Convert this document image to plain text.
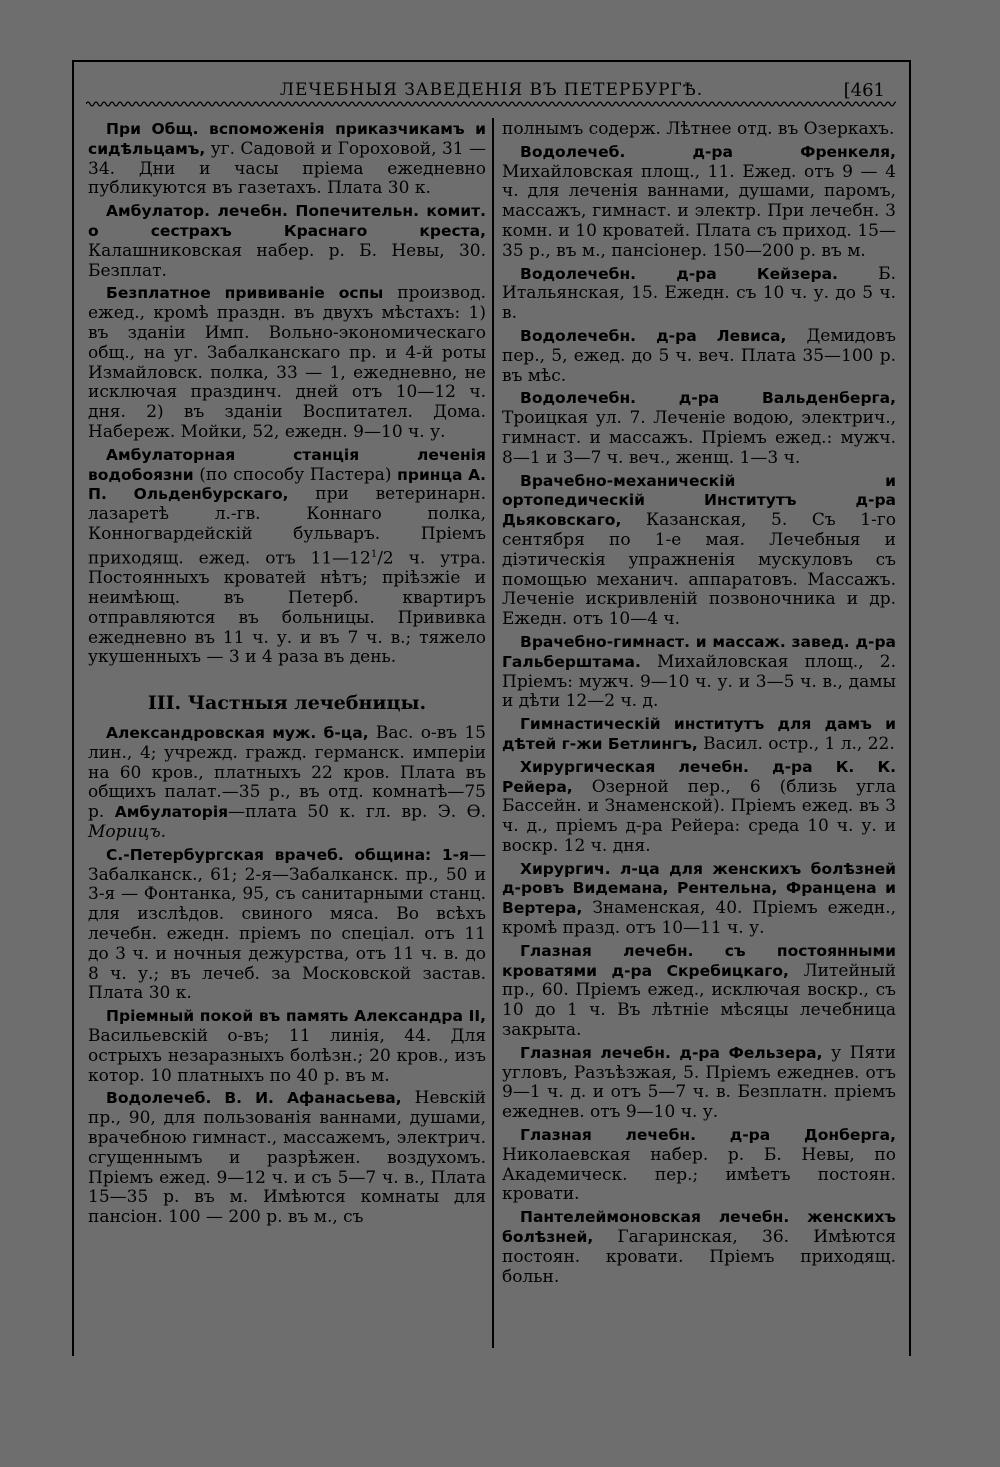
ЛЕЧЕБНЫЯ ЗАВЕДЕНІЯ ВЪ ПЕТЕРБУРГѢ.	[461

При Общ. вспоможенія приказчикамъ и сидѣльцамъ, уг. Садовой и Гороховой, 31 — 34. Дни и часы пріема ежедневно публикуются въ газетахъ. Плата 30 к.

Амбулатор. лечебн. Попечительн. комит. о сестрахъ Краснаго креста, Калашниковская набер. р. Б. Невы, 30. Безплат.

Безплатное прививаніе оспы производ. ежед., кромѣ праздн. въ двухъ мѣстахъ: 1) въ зданіи Имп. Вольно-экономическаго общ., на уг. Забалканскаго пр. и 4-й роты Измайловск. полка, 33 — 1, ежедневно, не исключая праздинч. дней отъ 10—12 ч. дня. 2) въ зданіи Воспитател. Дома. Набереж. Мойки, 52, ежедн. 9—10 ч. у.

Амбулаторная станція леченія водобоязни (по способу Пастера) принца А. П. Ольденбурскаго, при ветеринарн. лазаретѣ л.-гв. Коннаго полка, Конногвардейскій бульваръ. Пріемъ приходящ. ежед. отъ $11—12^1/2$ ч. утра. Постоянныхъ кроватей нѣтъ; пріѣзжіе и неимѣющ. въ Петерб. квартиръ отправляются въ больницы. Прививка ежедневно въ 11 ч. у. и въ 7 ч. в.; тяжело укушенныхъ — 3 и 4 раза въ день.

III. Частныя лечебницы.

Александровская муж. б-ца, Вас. о-въ 15 лин., 4; учрежд. гражд. германск. имперіи на 60 кров., платныхъ 22 кров. Плата въ общихъ палат.—35 р., въ отд. комнатѣ—75 р. Амбулаторія—плата 50 к. гл. вр. Э. Ѳ. Морицъ.

С.-Петербургская врачеб. община: 1-я—Забалканск., 61; 2-я—Забалканск. пр., 50 и 3-я — Фонтанка, 95, съ санитарными станц. для изслѣдов. свиного мяса. Во всѣхъ лечебн. ежедн. пріемъ по спеціал. отъ 11 до 3 ч. и ночныя дежурства, отъ 11 ч. в. до 8 ч. у.; въ лечеб. за Московской застав. Плата 30 к.

Пріемный покой въ память Александра II, Васильевскій о-въ; 11 линія, 44. Для острыхъ незаразныхъ болѣзн.; 20 кров., изъ котор. 10 платныхъ по 40 р. въ м.

Водолечеб. В. И. Афанасьева, Невскій пр., 90, для пользованія ваннами, душами, врачебною гимнаст., массажемъ, электрич. сгущеннымъ и разрѣжен. воздухомъ. Пріемъ ежед. 9—12 ч. и съ 5—7 ч. в., Плата 15—35 р. въ м. Имѣются комнаты для пансіон. 100 — 200 р. въ м., съ

полнымъ содерж. Лѣтнее отд. въ Озеркахъ.

Водолечеб. д-ра Френкеля, Михайловская площ., 11. Ежед. отъ 9 — 4 ч. для леченія ваннами, душами, паромъ, массажъ, гимнаст. и электр. При лечебн. 3 комн. и 10 кроватей. Плата съ приход. 15—35 р., въ м., пансіонер. 150—200 р. въ м.

Водолечебн. д-ра Кейзера. Б. Итальянская, 15. Ежедн. съ 10 ч. у. до 5 ч. в.

Водолечебн. д-ра Левиса, Демидовъ пер., 5, ежед. до 5 ч. веч. Плата 35—100 р. въ мѣс.

Водолечебн. д-ра Вальденберга, Троицкая ул. 7. Леченіе водою, электрич., гимнаст. и массажъ. Пріемъ ежед.: мужч. 8—1 и 3—7 ч. веч., женщ. 1—3 ч.

Врачебно-механическій и ортопедическій Институтъ д-ра Дьяковскаго, Казанская, 5. Съ 1-го сентября по 1-е мая. Лечебныя и діэтическія упражненія мускуловъ съ помощью механич. аппаратовъ. Массажъ. Леченіе искривленій позвоночника и др. Ежедн. отъ 10—4 ч.

Врачебно-гимнаст. и массаж. завед. д-ра Гальберштама. Михайловская площ., 2. Пріемъ: мужч. 9—10 ч. у. и 3—5 ч. в., дамы и дѣти 12—2 ч. д.

Гимнастическій институтъ для дамъ и дѣтей г-жи Бетлингъ, Васил. остр., 1 л., 22.

Хирургическая лечебн. д-ра К. К. Рейера, Озерной пер., 6 (близь угла Бассейн. и Знаменской). Пріемъ ежед. въ 3 ч. д., пріемъ д-ра Рейера: среда 10 ч. у. и воскр. 12 ч. дня.

Хирургич. л-ца для женскихъ болѣзней д-ровъ Видемана, Рентельна, Францена и Вертера, Знаменская, 40. Пріемъ ежедн., кромѣ празд. отъ 10—11 ч. у.

Глазная лечебн. съ постоянными кроватями д-ра Скребицкаго, Литейный пр., 60. Пріемъ ежед., исключая воскр., съ 10 до 1 ч. Въ лѣтніе мѣсяцы лечебница закрыта.

Глазная лечебн. д-ра Фельзера, у Пяти угловъ, Разъѣзжая, 5. Пріемъ ежеднев. отъ 9—1 ч. д. и отъ 5—7 ч. в. Безплатн. пріемъ ежеднев. отъ 9—10 ч. у.

Глазная лечебн. д-ра Донберга, Николаевская набер. р. Б. Невы, по Академическ. пер.; имѣетъ постоян. кровати.

Пантелеймоновская лечебн. женскихъ болѣзней, Гагаринская, 36. Имѣются постоян. кровати. Пріемъ приходящ. больн.
